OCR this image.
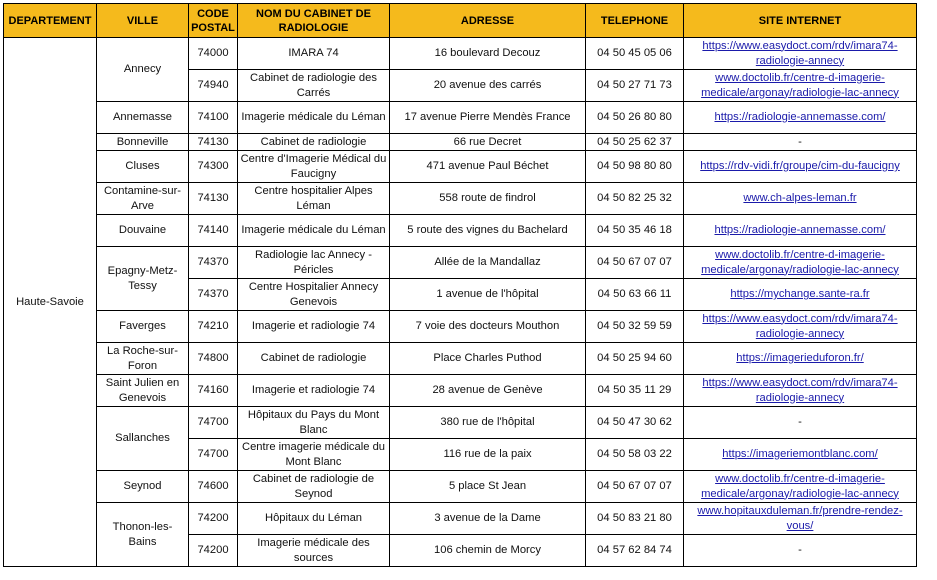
DEPARTEMENT	VILLE	CODE POSTAL	NOM DU CABINET DE RADIOLOGIE	ADRESSE	TELEPHONE	SITE INTERNET
Haute-Savoie	Annecy	74000	IMARA 74	16 boulevard Decouz	04 50 45 05 06	https://www.easydoct.com/rdv/imara74-radiologie-annecy
		74940	Cabinet de radiologie des Carrés	20 avenue des carrés	04 50 27 71 73	www.doctolib.fr/centre-d-imagerie-medicale/argonay/radiologie-lac-annecy
	Annemasse	74100	Imagerie médicale du Léman	17 avenue Pierre Mendès France	04 50 26 80 80	https://radiologie-annemasse.com/
	Bonneville	74130	Cabinet de radiologie	66 rue Decret	04 50 25 62 37	-
	Cluses	74300	Centre d'Imagerie Médical du Faucigny	471 avenue Paul Béchet	04 50 98 80 80	https://rdv-vidi.fr/groupe/cim-du-faucigny
	Contamine-sur-Arve	74130	Centre hospitalier Alpes Léman	558 route de findrol	04 50 82 25 32	www.ch-alpes-leman.fr
	Douvaine	74140	Imagerie médicale du Léman	5 route des vignes du Bachelard	04 50 35 46 18	https://radiologie-annemasse.com/
	Epagny-Metz-Tessy	74370	Radiologie lac Annecy - Péricles	Allée de la Mandallaz	04 50 67 07 07	www.doctolib.fr/centre-d-imagerie-medicale/argonay/radiologie-lac-annecy
		74370	Centre Hospitalier Annecy Genevois	1 avenue de l'hôpital	04 50 63 66 11	https://mychange.sante-ra.fr
	Faverges	74210	Imagerie et radiologie 74	7 voie des docteurs Mouthon	04 50 32 59 59	https://www.easydoct.com/rdv/imara74-radiologie-annecy
	La Roche-sur-Foron	74800	Cabinet de radiologie	Place Charles Puthod	04 50 25 94 60	https://imagerieduforon.fr/
	Saint Julien en Genevois	74160	Imagerie et radiologie 74	28 avenue de Genève	04 50 35 11 29	https://www.easydoct.com/rdv/imara74-radiologie-annecy
	Sallanches	74700	Hôpitaux du Pays du Mont Blanc	380 rue de l'hôpital	04 50 47 30 62	-
		74700	Centre imagerie médicale du Mont Blanc	116 rue de la paix	04 50 58 03 22	https://imageriemontblanc.com/
	Seynod	74600	Cabinet de radiologie de Seynod	5 place St Jean	04 50 67 07 07	www.doctolib.fr/centre-d-imagerie-medicale/argonay/radiologie-lac-annecy
	Thonon-les-Bains	74200	Hôpitaux du Léman	3 avenue de la Dame	04 50 83 21 80	www.hopitauxduleman.fr/prendre-rendez-vous/
		74200	Imagerie médicale des sources	106 chemin de Morcy	04 57 62 84 74	-
